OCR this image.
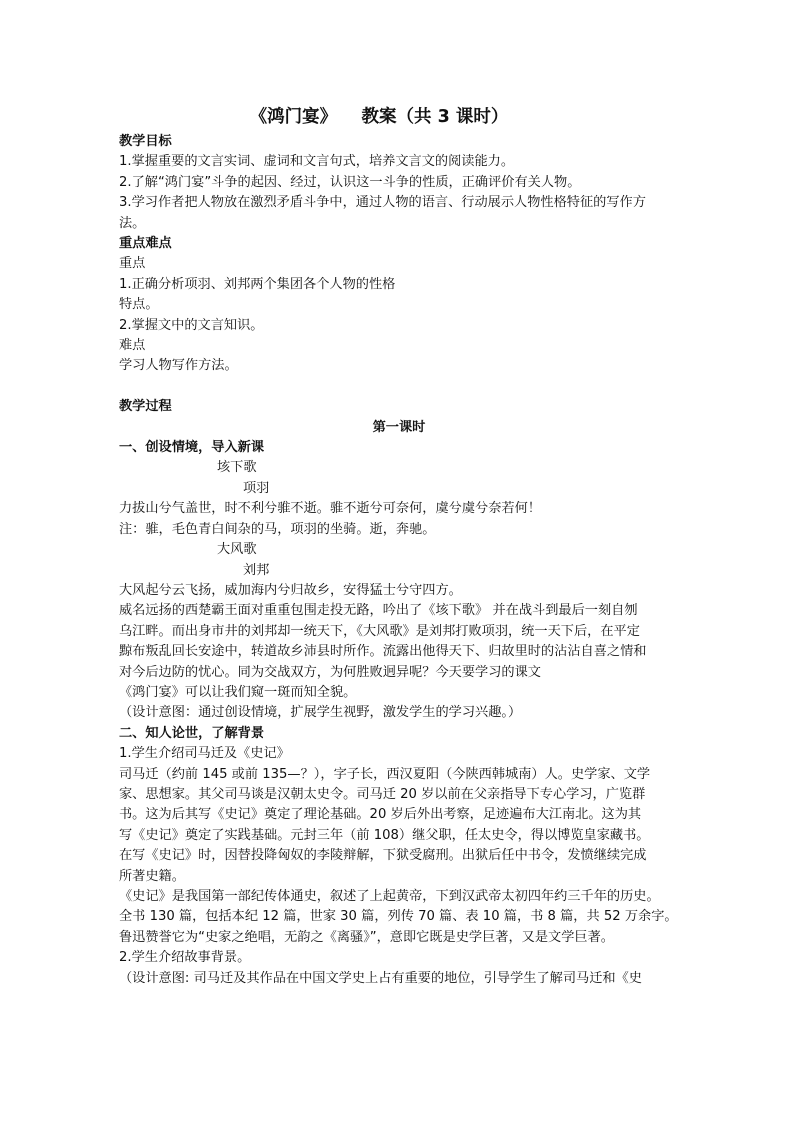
《鸿门宴》    教案（共 3 课时）
教学目标
1.掌握重要的文言实词、虚词和文言句式，培养文言文的阅读能力。
2.了解“鸿门宴”斗争的起因、经过，认识这一斗争的性质，正确评价有关人物。
3.学习作者把人物放在激烈矛盾斗争中，通过人物的语言、行动展示人物性格特征的写作方
法。
重点难点
重点
1.正确分析项羽、刘邦两个集团各个人物的性格
特点。
2.掌握文中的文言知识。
难点
学习人物写作方法。
教学过程
第一课时
一、创设情境，导入新课
垓下歌
项羽
力拔山兮气盖世，时不利兮骓不逝。骓不逝兮可奈何，虞兮虞兮奈若何！
注：骓，毛色青白间杂的马，项羽的坐骑。逝，奔驰。
大风歌
刘邦
大风起兮云飞扬，威加海内兮归故乡，安得猛士兮守四方。
威名远扬的西楚霸王面对重重包围走投无路，吟出了《垓下歌》 并在战斗到最后一刻自刎
乌江畔。而出身市井的刘邦却一统天下，《大风歌》是刘邦打败项羽，统一天下后，在平定
黥布叛乱回长安途中，转道故乡沛县时所作。流露出他得天下、归故里时的沾沾自喜之情和
对今后边防的忧心。同为交战双方，为何胜败迥异呢？今天要学习的课文
《鸿门宴》可以让我们窥一斑而知全貌。
（设计意图：通过创设情境，扩展学生视野，激发学生的学习兴趣。）
二、知人论世，了解背景
1.学生介绍司马迁及《史记》
司马迁（约前 145 或前 135—？），字子长，西汉夏阳（今陕西韩城南）人。史学家、文学
家、思想家。其父司马谈是汉朝太史令。司马迁 20 岁以前在父亲指导下专心学习，广览群
书。这为后其写《史记》奠定了理论基础。20 岁后外出考察，足迹遍布大江南北。这为其
写《史记》奠定了实践基础。元封三年（前 108）继父职，任太史令，得以博览皇家藏书。
在写《史记》时，因替投降匈奴的李陵辩解，下狱受腐刑。出狱后任中书令，发愤继续完成
所著史籍。
《史记》是我国第一部纪传体通史，叙述了上起黄帝，下到汉武帝太初四年约三千年的历史。
全书 130 篇，包括本纪 12 篇，世家 30 篇，列传 70 篇、表 10 篇，书 8 篇，共 52 万余字。
鲁迅赞誉它为“史家之绝唱，无韵之《离骚》”，意即它既是史学巨著，又是文学巨著。
2.学生介绍故事背景。
（设计意图: 司马迁及其作品在中国文学史上占有重要的地位，引导学生了解司马迁和《史
